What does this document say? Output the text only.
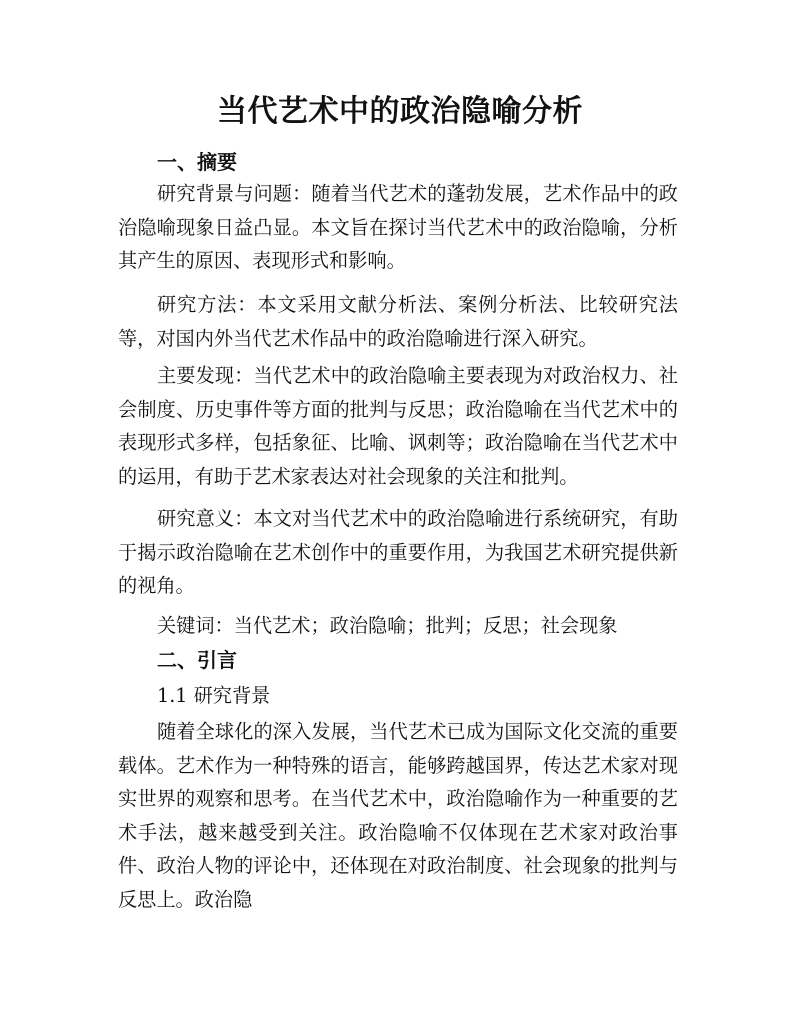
当代艺术中的政治隐喻分析
一、摘要

研究背景与问题：随着当代艺术的蓬勃发展，艺术作品中的政治隐喻现象日益凸显。本文旨在探讨当代艺术中的政治隐喻，分析其产生的原因、表现形式和影响。

研究方法：本文采用文献分析法、案例分析法、比较研究法等，对国内外当代艺术作品中的政治隐喻进行深入研究。

主要发现：当代艺术中的政治隐喻主要表现为对政治权力、社会制度、历史事件等方面的批判与反思；政治隐喻在当代艺术中的表现形式多样，包括象征、比喻、讽刺等；政治隐喻在当代艺术中的运用，有助于艺术家表达对社会现象的关注和批判。

研究意义：本文对当代艺术中的政治隐喻进行系统研究，有助于揭示政治隐喻在艺术创作中的重要作用，为我国艺术研究提供新的视角。

关键词：当代艺术；政治隐喻；批判；反思；社会现象

二、引言

1.1 研究背景

随着全球化的深入发展，当代艺术已成为国际文化交流的重要载体。艺术作为一种特殊的语言，能够跨越国界，传达艺术家对现实世界的观察和思考。在当代艺术中，政治隐喻作为一种重要的艺术手法，越来越受到关注。政治隐喻不仅体现在艺术家对政治事件、政治人物的评论中，还体现在对政治制度、社会现象的批判与反思上。政治隐
